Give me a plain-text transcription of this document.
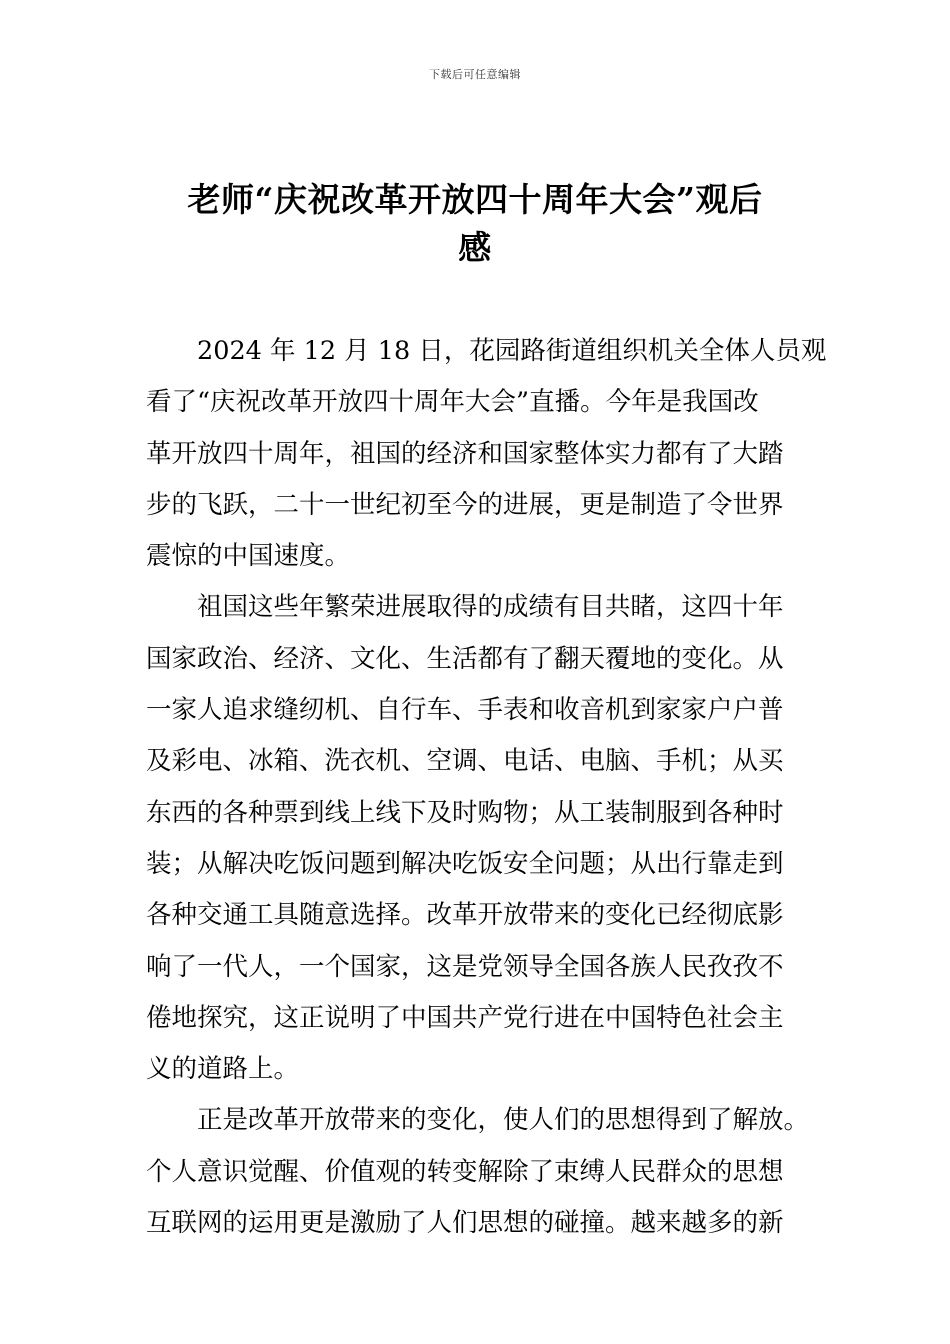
下载后可任意编辑
老师“庆祝改革开放四十周年大会”观后
感
2024 年 12 月 18 日，花园路街道组织机关全体人员观
看了“庆祝改革开放四十周年大会”直播。今年是我国改
革开放四十周年，祖国的经济和国家整体实力都有了大踏
步的飞跃，二十一世纪初至今的进展，更是制造了令世界
震惊的中国速度。
祖国这些年繁荣进展取得的成绩有目共睹，这四十年
国家政治、经济、文化、生活都有了翻天覆地的变化。从
一家人追求缝纫机、自行车、手表和收音机到家家户户普
及彩电、冰箱、洗衣机、空调、电话、电脑、手机；从买
东西的各种票到线上线下及时购物；从工装制服到各种时
装；从解决吃饭问题到解决吃饭安全问题；从出行靠走到
各种交通工具随意选择。改革开放带来的变化已经彻底影
响了一代人，一个国家，这是党领导全国各族人民孜孜不
倦地探究，这正说明了中国共产党行进在中国特色社会主
义的道路上。
正是改革开放带来的变化，使人们的思想得到了解放。
个人意识觉醒、价值观的转变解除了束缚人民群众的思想
互联网的运用更是激励了人们思想的碰撞。越来越多的新
